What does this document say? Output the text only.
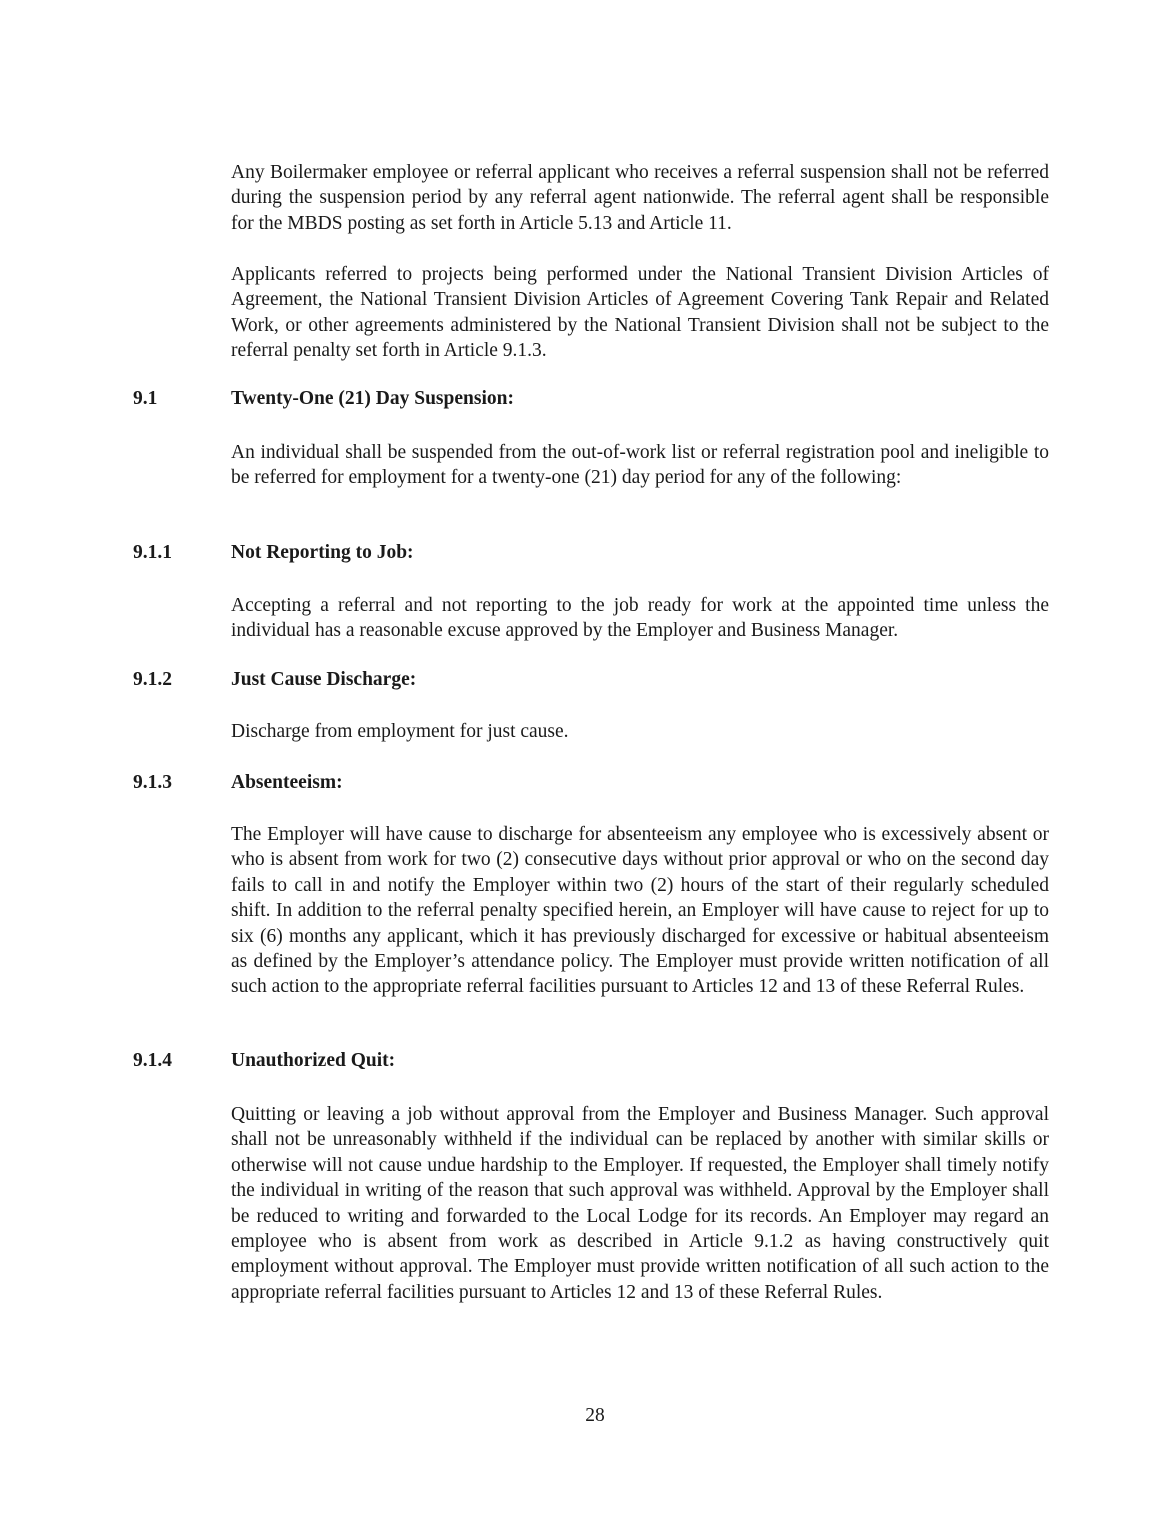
Any Boilermaker employee or referral applicant who receives a referral suspension shall not be referred during the suspension period by any referral agent nationwide. The referral agent shall be responsible for the MBDS posting as set forth in Article 5.13 and Article 11.

Applicants referred to projects being performed under the National Transient Division Articles of Agreement, the National Transient Division Articles of Agreement Covering Tank Repair and Related Work, or other agreements administered by the National Transient Division shall not be subject to the referral penalty set forth in Article 9.1.3.

9.1	Twenty-One (21) Day Suspension:

An individual shall be suspended from the out-of-work list or referral registration pool and ineligible to be referred for employment for a twenty-one (21) day period for any of the following:

9.1.1	Not Reporting to Job:

Accepting a referral and not reporting to the job ready for work at the appointed time unless the individual has a reasonable excuse approved by the Employer and Business Manager.

9.1.2	Just Cause Discharge:

Discharge from employment for just cause.

9.1.3	Absenteeism:

The Employer will have cause to discharge for absenteeism any employee who is excessively absent or who is absent from work for two (2) consecutive days without prior approval or who on the second day fails to call in and notify the Employer within two (2) hours of the start of their regularly scheduled shift. In addition to the referral penalty specified herein, an Employer will have cause to reject for up to six (6) months any applicant, which it has previously discharged for excessive or habitual absenteeism as defined by the Employer’s attendance policy. The Employer must provide written notification of all such action to the appropriate referral facilities pursuant to Articles 12 and 13 of these Referral Rules.

9.1.4	Unauthorized Quit:

Quitting or leaving a job without approval from the Employer and Business Manager. Such approval shall not be unreasonably withheld if the individual can be replaced by another with similar skills or otherwise will not cause undue hardship to the Employer. If requested, the Employer shall timely notify the individual in writing of the reason that such approval was withheld. Approval by the Employer shall be reduced to writing and forwarded to the Local Lodge for its records. An Employer may regard an employee who is absent from work as described in Article 9.1.2 as having constructively quit employment without approval. The Employer must provide written notification of all such action to the appropriate referral facilities pursuant to Articles 12 and 13 of these Referral Rules.

28
